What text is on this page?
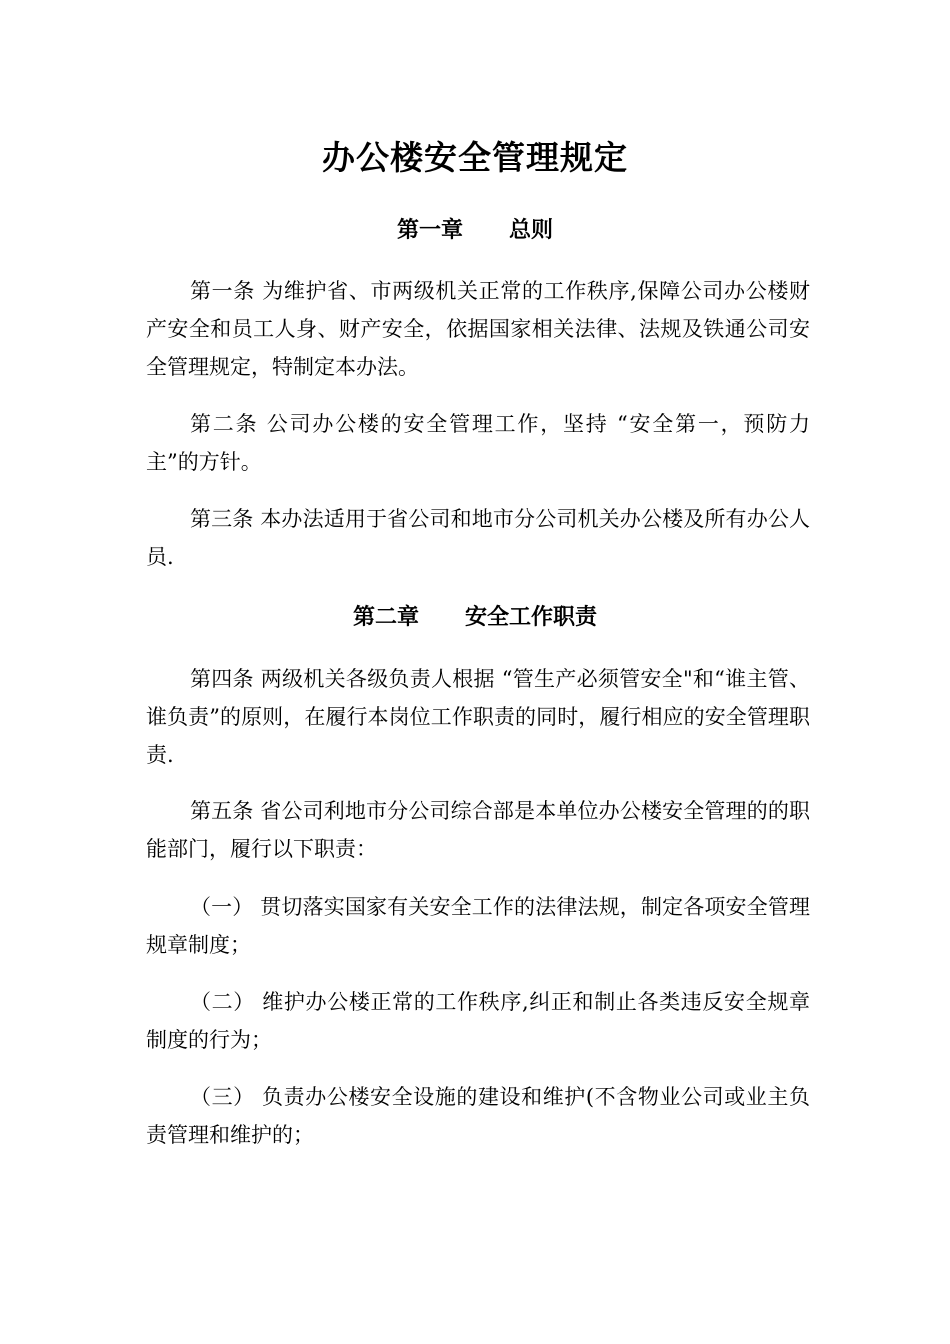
办公楼安全管理规定
第一章      总则

第一条 为维护省、市两级机关正常的工作秩序,保障公司办公楼财产安全和员工人身、财产安全，依据国家相关法律、法规及铁通公司安全管理规定，特制定本办法。

第二条 公司办公楼的安全管理工作，坚持 “安全第一，预防力主”的方针。

第三条 本办法适用于省公司和地市分公司机关办公楼及所有办公人员.

第二章      安全工作职责

第四条 两级机关各级负责人根据 “管生产必须管安全"和“谁主管、谁负责”的原则，在履行本岗位工作职责的同时，履行相应的安全管理职责.

第五条 省公司利地市分公司综合部是本单位办公楼安全管理的的职能部门，履行以下职责：

（一） 贯切落实国家有关安全工作的法律法规，制定各项安全管理规章制度；

（二） 维护办公楼正常的工作秩序,纠正和制止各类违反安全规章制度的行为；

（三） 负责办公楼安全设施的建设和维护(不含物业公司或业主负责管理和维护的；
